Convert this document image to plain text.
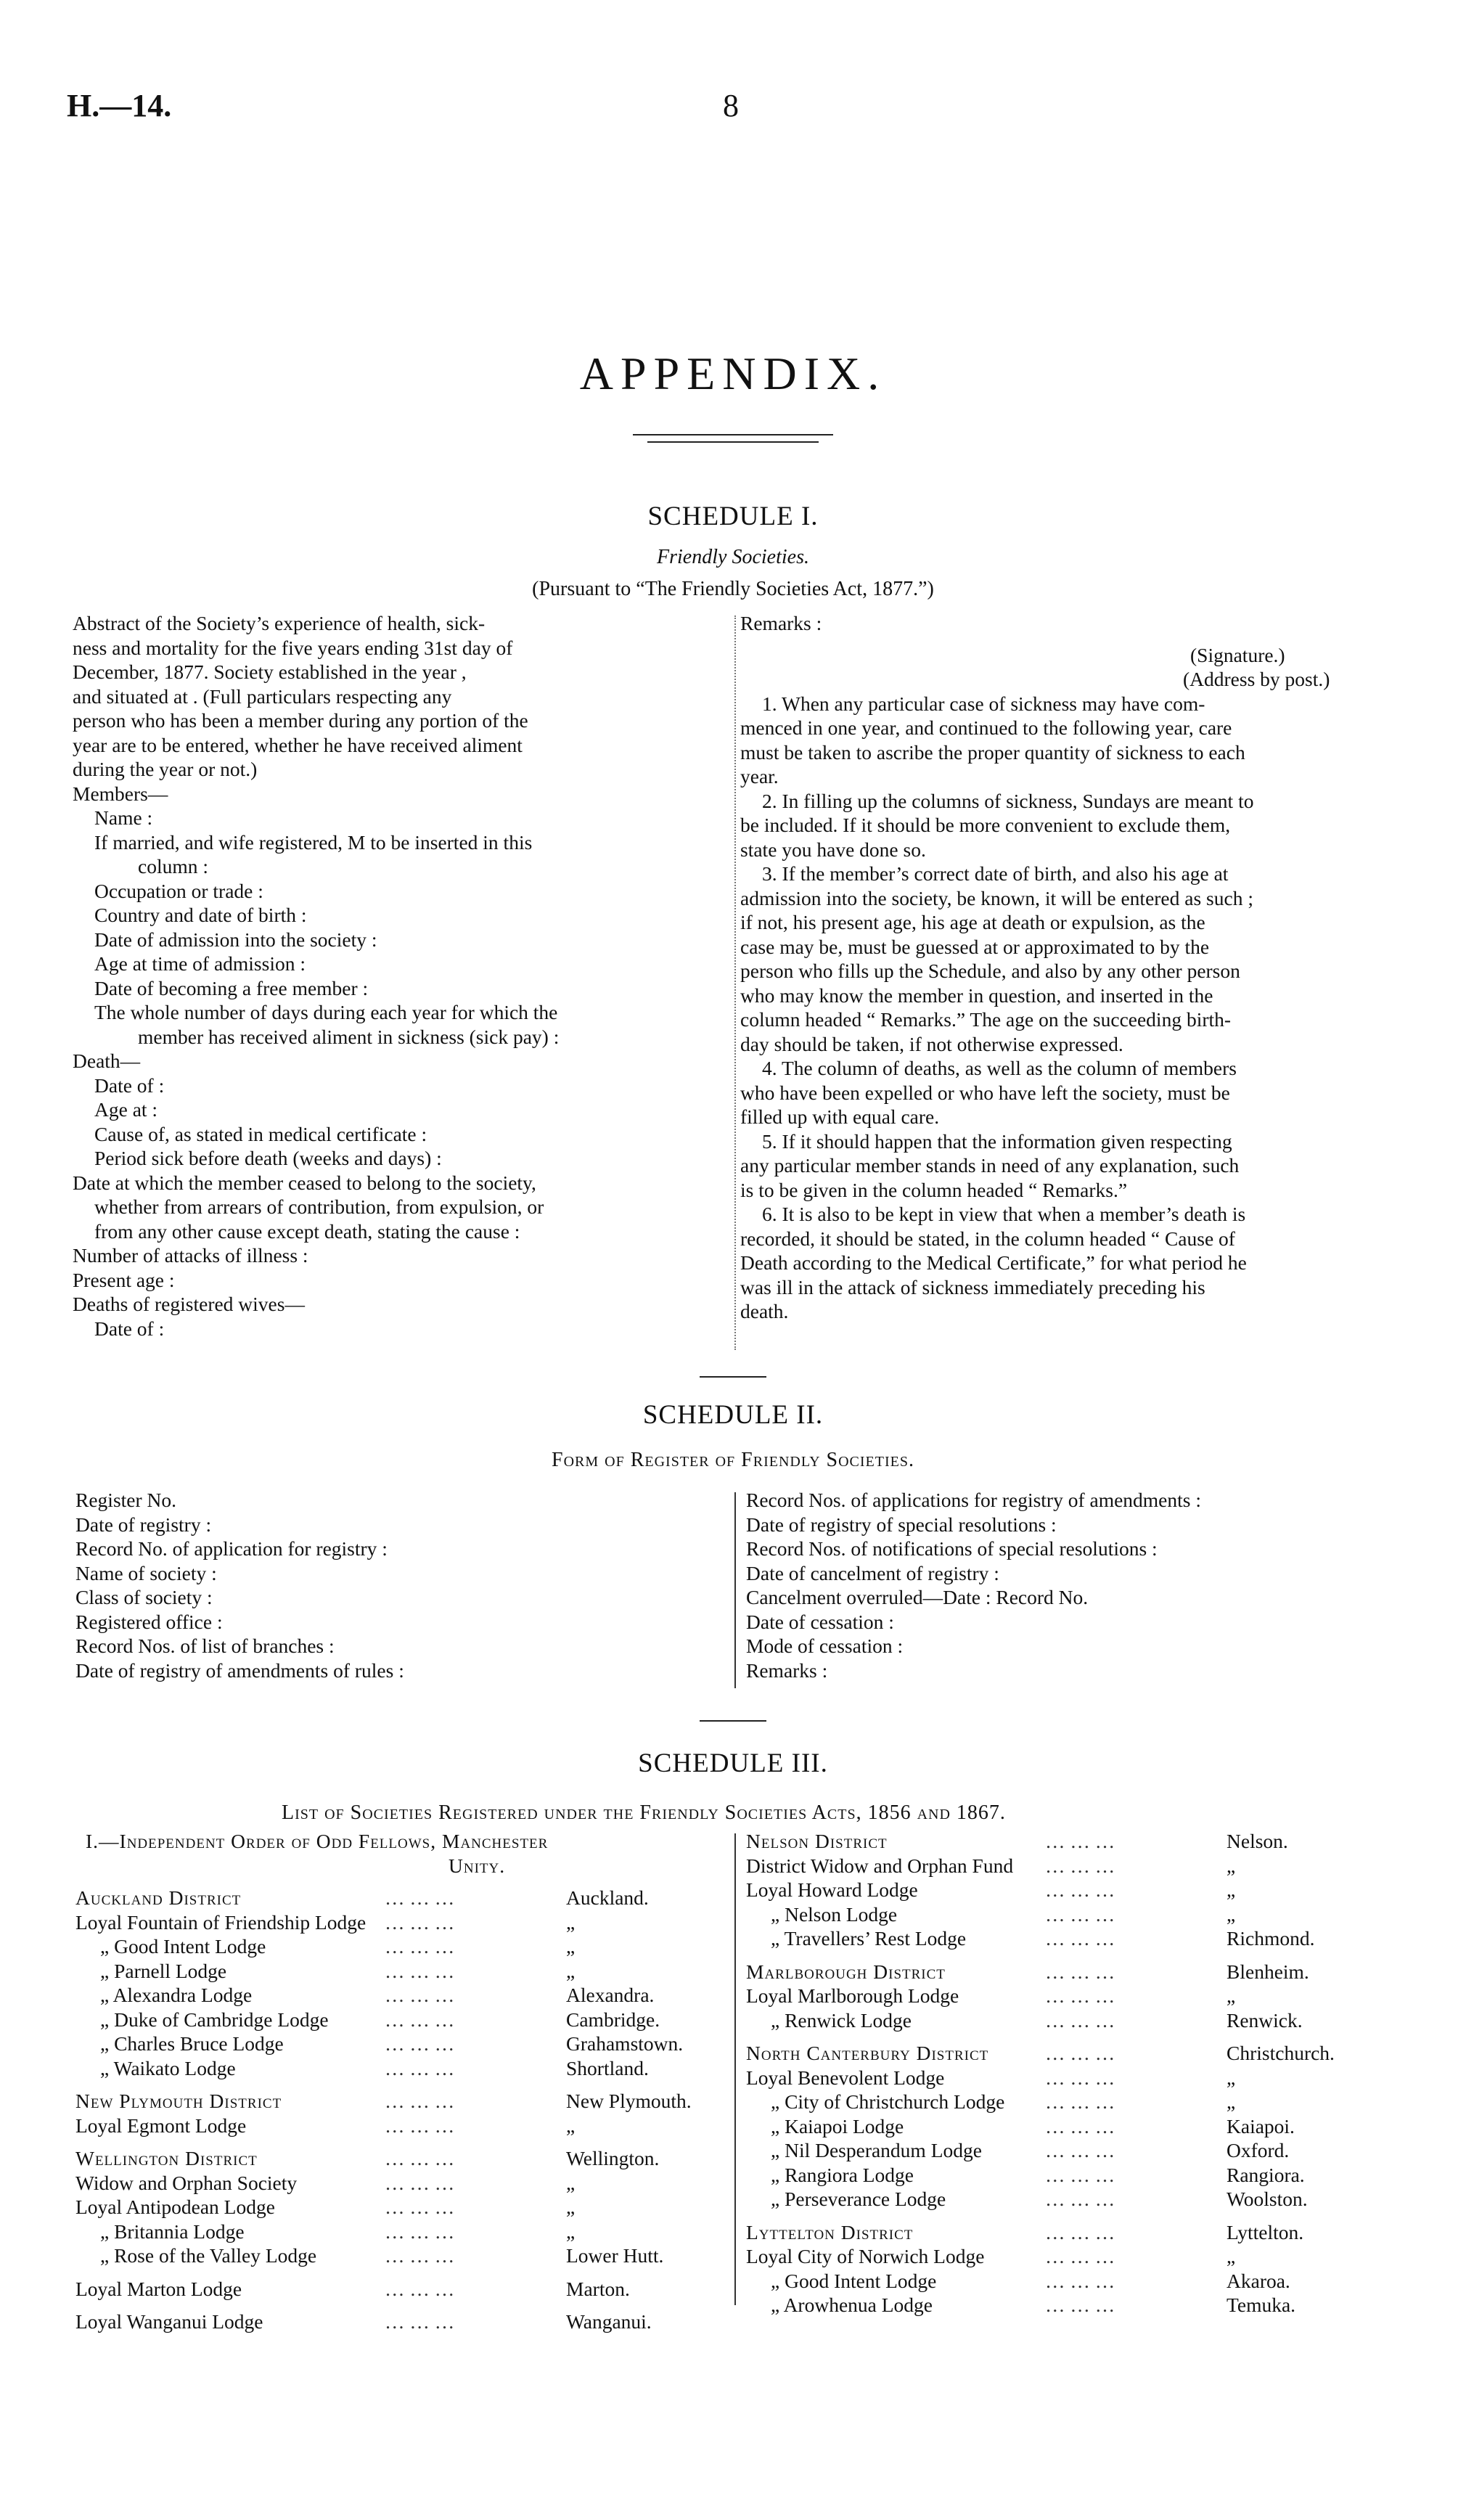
H.—14.	8
APPENDIX.
SCHEDULE I.
Friendly Societies.
(Pursuant to “The Friendly Societies Act, 1877.”)
Abstract of the Society’s experience of health, sick-
ness and mortality for the five years ending 31st day of
December, 1877. Society established in the year ,
and situated at . (Full particulars respecting any
person who has been a member during any portion of the
year are to be entered, whether he have received aliment
during the year or not.)
Members—
Name :
If married, and wife registered, M to be inserted in this
column :
Occupation or trade :
Country and date of birth :
Date of admission into the society :
Age at time of admission :
Date of becoming a free member :
The whole number of days during each year for which the
member has received aliment in sickness (sick pay) :
Death—
Date of :
Age at :
Cause of, as stated in medical certificate :
Period sick before death (weeks and days) :
Date at which the member ceased to belong to the society,
whether from arrears of contribution, from expulsion, or
from any other cause except death, stating the cause :
Number of attacks of illness :
Present age :
Deaths of registered wives—
Date of :
Remarks :
(Signature.)
(Address by post.)
1. When any particular case of sickness may have com-
menced in one year, and continued to the following year, care
must be taken to ascribe the proper quantity of sickness to each
year.
2. In filling up the columns of sickness, Sundays are meant to
be included. If it should be more convenient to exclude them,
state you have done so.
3. If the member’s correct date of birth, and also his age at
admission into the society, be known, it will be entered as such ;
if not, his present age, his age at death or expulsion, as the
case may be, must be guessed at or approximated to by the
person who fills up the Schedule, and also by any other person
who may know the member in question, and inserted in the
column headed “ Remarks.” The age on the succeeding birth-
day should be taken, if not otherwise expressed.
4. The column of deaths, as well as the column of members
who have been expelled or who have left the society, must be
filled up with equal care.
5. If it should happen that the information given respecting
any particular member stands in need of any explanation, such
is to be given in the column headed “ Remarks.”
6. It is also to be kept in view that when a member’s death is
recorded, it should be stated, in the column headed “ Cause of
Death according to the Medical Certificate,” for what period he
was ill in the attack of sickness immediately preceding his
death.
SCHEDULE II.
Form of Register of Friendly Societies.
Register No.
Date of registry :
Record No. of application for registry :
Name of society :
Class of society :
Registered office :
Record Nos. of list of branches :
Date of registry of amendments of rules :
Record Nos. of applications for registry of amendments :
Date of registry of special resolutions :
Record Nos. of notifications of special resolutions :
Date of cancelment of registry :
Cancelment overruled—Date : Record No.
Date of cessation :
Mode of cessation :
Remarks :
SCHEDULE III.
List of Societies Registered under the Friendly Societies Acts, 1856 and 1867.
I.—Independent Order of Odd Fellows, Manchester
Unity.
Auckland District	… … …	Auckland.
Loyal Fountain of Friendship Lodge … … …	„
„ Good Intent Lodge	… … …	„
„ Parnell Lodge	… … …	„
„ Alexandra Lodge	… … …	Alexandra.
„ Duke of Cambridge Lodge	… … …	Cambridge.
„ Charles Bruce Lodge	… … …	Grahamstown.
„ Waikato Lodge	… … …	Shortland.
New Plymouth District	… … …	New Plymouth.
Loyal Egmont Lodge	… … …	„
Wellington District	… … …	Wellington.
Widow and Orphan Society	… … …	„
Loyal Antipodean Lodge	… … …	„
„ Britannia Lodge	… … …	„
„ Rose of the Valley Lodge	… … …	Lower Hutt.
Loyal Marton Lodge	… … …	Marton.
Loyal Wanganui Lodge	… … …	Wanganui.
Nelson District	… … …	Nelson.
District Widow and Orphan Fund … … …	„
Loyal Howard Lodge	… … …	„
„ Nelson Lodge	… … …	„
„ Travellers’ Rest Lodge	… … …	Richmond.
Marlborough District	… … …	Blenheim.
Loyal Marlborough Lodge	… … …	„
„ Renwick Lodge	… … …	Renwick.
North Canterbury District	… … …	Christchurch.
Loyal Benevolent Lodge	… … …	„
„ City of Christchurch Lodge … … …	„
„ Kaiapoi Lodge	… … …	Kaiapoi.
„ Nil Desperandum Lodge	… … …	Oxford.
„ Rangiora Lodge	… … …	Rangiora.
„ Perseverance Lodge	… … …	Woolston.
Lyttelton District	… … …	Lyttelton.
Loyal City of Norwich Lodge	… … …	„
„ Good Intent Lodge	… … …	Akaroa.
„ Arowhenua Lodge	… … …	Temuka.
